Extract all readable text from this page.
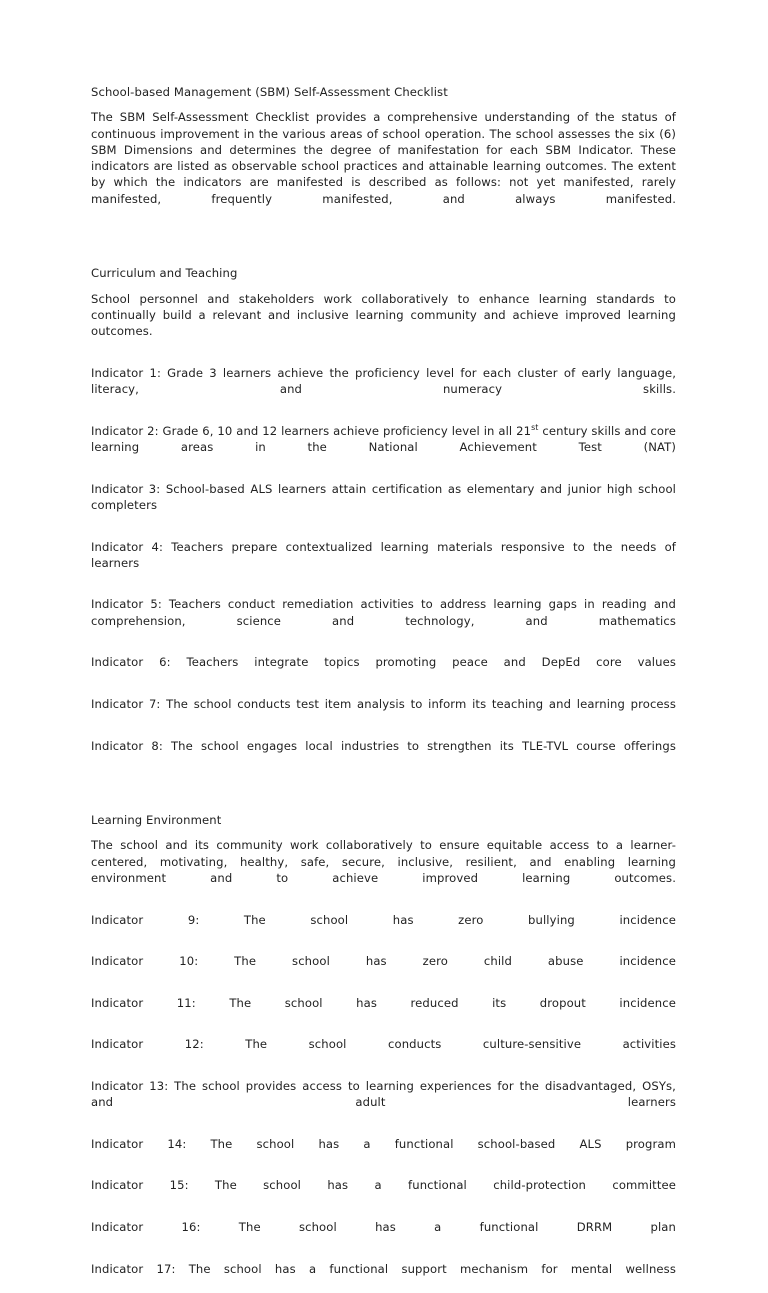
School-based Management (SBM) Self-Assessment Checklist

The SBM Self-Assessment Checklist provides a comprehensive understanding of the status of continuous improvement in the various areas of school operation. The school assesses the six (6) SBM Dimensions and determines the degree of manifestation for each SBM Indicator. These indicators are listed as observable school practices and attainable learning outcomes. The extent by which the indicators are manifested is described as follows: not yet manifested, rarely manifested, frequently manifested, and always manifested.

Curriculum and Teaching

School personnel and stakeholders work collaboratively to enhance learning standards to continually build a relevant and inclusive learning community and achieve improved learning outcomes.

Indicator 1: Grade 3 learners achieve the proficiency level for each cluster of early language, literacy, and numeracy skills.

Indicator 2: Grade 6, 10 and 12 learners achieve proficiency level in all 21st century skills and core learning areas in the National Achievement Test (NAT)

Indicator 3: School-based ALS learners attain certification as elementary and junior high school completers

Indicator 4: Teachers prepare contextualized learning materials responsive to the needs of learners

Indicator 5: Teachers conduct remediation activities to address learning gaps in reading and comprehension, science and technology, and mathematics

Indicator 6: Teachers integrate topics promoting peace and DepEd core values

Indicator 7: The school conducts test item analysis to inform its teaching and learning process

Indicator 8: The school engages local industries to strengthen its TLE-TVL course offerings

Learning Environment

The school and its community work collaboratively to ensure equitable access to a learner-centered, motivating, healthy, safe, secure, inclusive, resilient, and enabling learning environment and to achieve improved learning outcomes.

Indicator 9: The school has zero bullying incidence

Indicator 10: The school has zero child abuse incidence

Indicator 11: The school has reduced its dropout incidence

Indicator 12: The school conducts culture-sensitive activities

Indicator 13: The school provides access to learning experiences for the disadvantaged, OSYs, and adult learners

Indicator 14: The school has a functional school-based ALS program

Indicator 15: The school has a functional child-protection committee

Indicator 16: The school has a functional DRRM plan

Indicator 17: The school has a functional support mechanism for mental wellness
